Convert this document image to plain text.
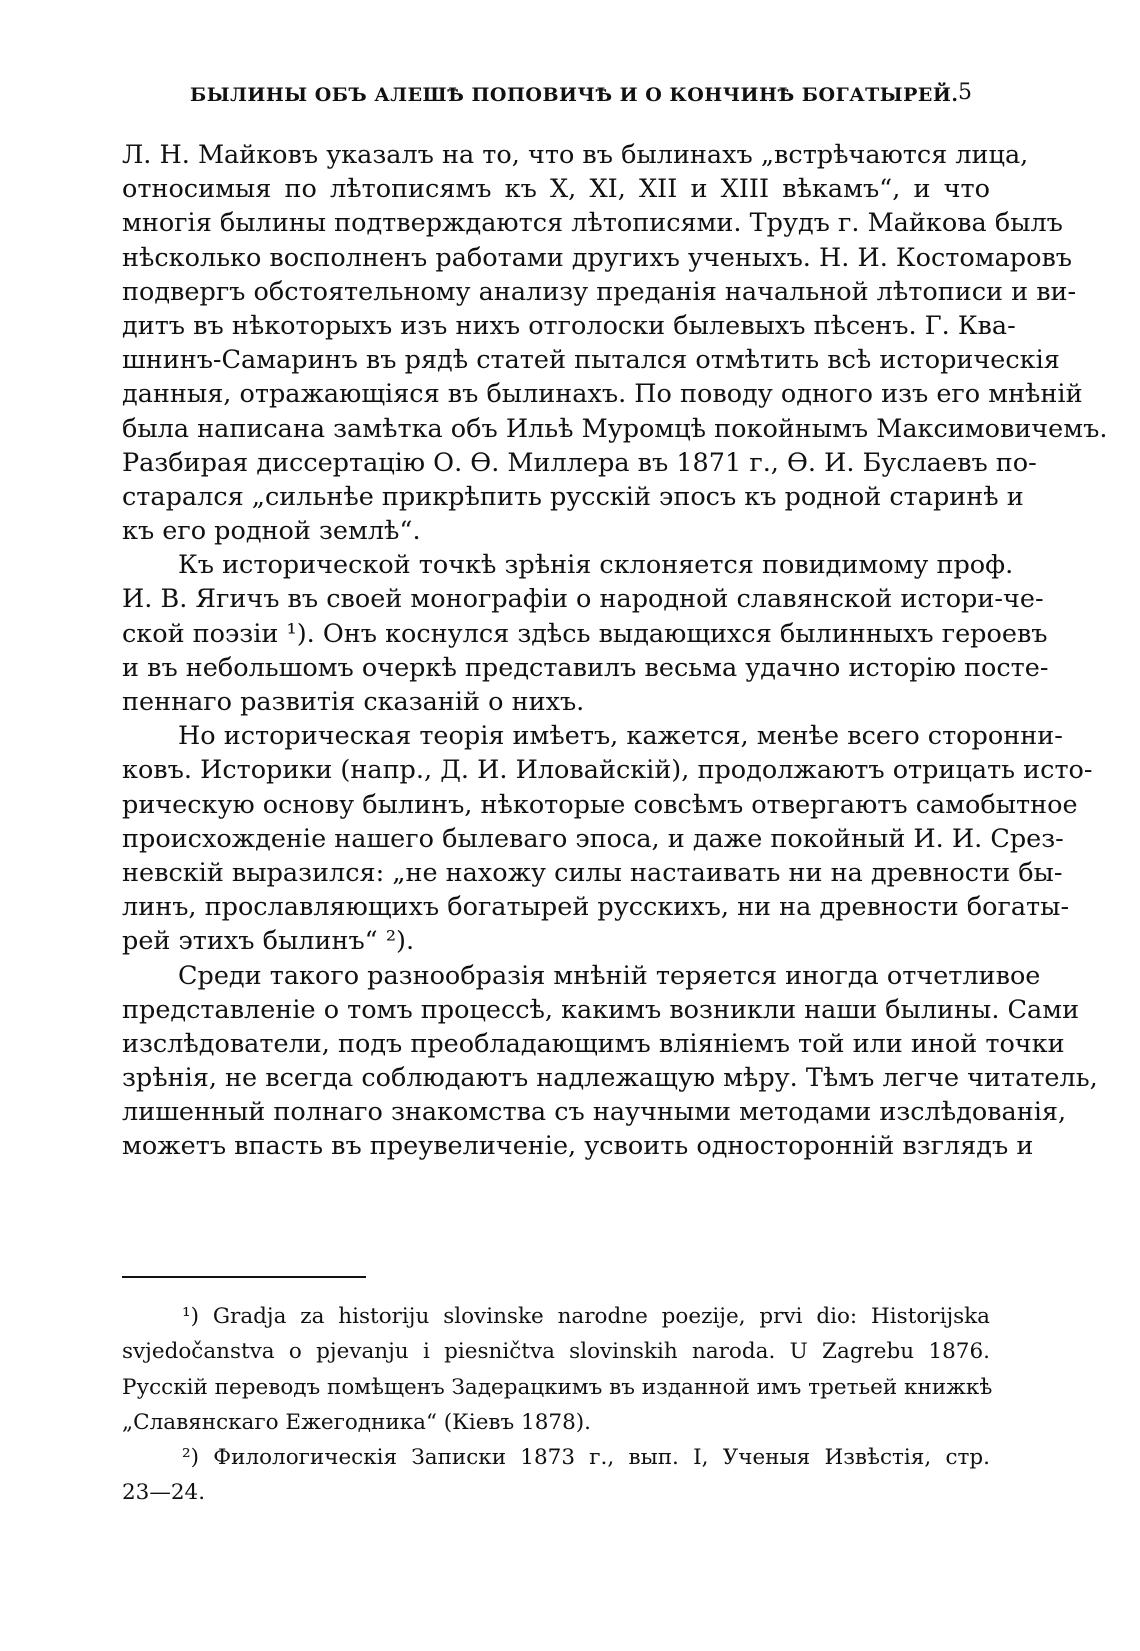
БЫЛИНЫ ОБЪ АЛЕШѢ ПОПОВИЧѢ И О КОНЧИНѢ БОГАТЫРЕЙ. 5
Л. Н. Майковъ указалъ на то, что въ былинахъ „встрѣчаются лица,
относимыя по лѣтописямъ къ X, XI, XII и XIII вѣкамъ“, и что
многія былины подтверждаются лѣтописями. Трудъ г. Майкова былъ
нѣсколько восполненъ работами другихъ ученыхъ. Н. И. Костомаровъ
подвергъ обстоятельному анализу преданія начальной лѣтописи и ви-
дитъ въ нѣкоторыхъ изъ нихъ отголоски былевыхъ пѣсенъ. Г. Ква-
шнинъ-Самаринъ въ рядѣ статей пытался отмѣтить всѣ историческія
данныя, отражающіяся въ былинахъ. По поводу одного изъ его мнѣній
была написана замѣтка объ Ильѣ Муромцѣ покойнымъ Максимовичемъ.
Разбирая диссертацію О. Ѳ. Миллера въ 1871 г., Ѳ. И. Буслаевъ по-
старался „сильнѣе прикрѣпить русскій эпосъ къ родной старинѣ и
къ его родной землѣ“.
Къ исторической точкѣ зрѣнія склоняется повидимому проф.
И. В. Ягичъ въ своей монографіи о народной славянской истори-че-
ской поэзіи ¹). Онъ коснулся здѣсь выдающихся былинныхъ героевъ
и въ небольшомъ очеркѣ представилъ весьма удачно исторію посте-
пеннаго развитія сказаній о нихъ.
Но историческая теорія имѣетъ, кажется, менѣе всего сторонни-
ковъ. Историки (напр., Д. И. Иловайскій), продолжаютъ отрицать исто-
рическую основу былинъ, нѣкоторые совсѣмъ отвергаютъ самобытное
происхожденіе нашего былеваго эпоса, и даже покойный И. И. Срез-
невскій выразился: „не нахожу силы настаивать ни на древности бы-
линъ, прославляющихъ богатырей русскихъ, ни на древности богаты-
рей этихъ былинъ“ ²).
Среди такого разнообразія мнѣній теряется иногда отчетливое
представленіе о томъ процессѣ, какимъ возникли наши былины. Сами
изслѣдователи, подъ преобладающимъ вліяніемъ той или иной точки
зрѣнія, не всегда соблюдаютъ надлежащую мѣру. Тѣмъ легче читатель,
лишенный полнаго знакомства съ научными методами изслѣдованія,
можетъ впасть въ преувеличеніе, усвоить односторонній взглядъ и
¹) Gradja za historiju slovinske narodne poezije, prvi dio: Historijska
svjedočanstva o pjevanju i piesničtva slovinskih naroda. U Zagrebu 1876.
Русскій переводъ помѣщенъ Задерацкимъ въ изданной имъ третьей книжкѣ
„Славянскаго Ежегодника“ (Кіевъ 1878).
²) Филологическія Записки 1873 г., вып. I, Ученыя Извѣстія, стр.
23—24.
